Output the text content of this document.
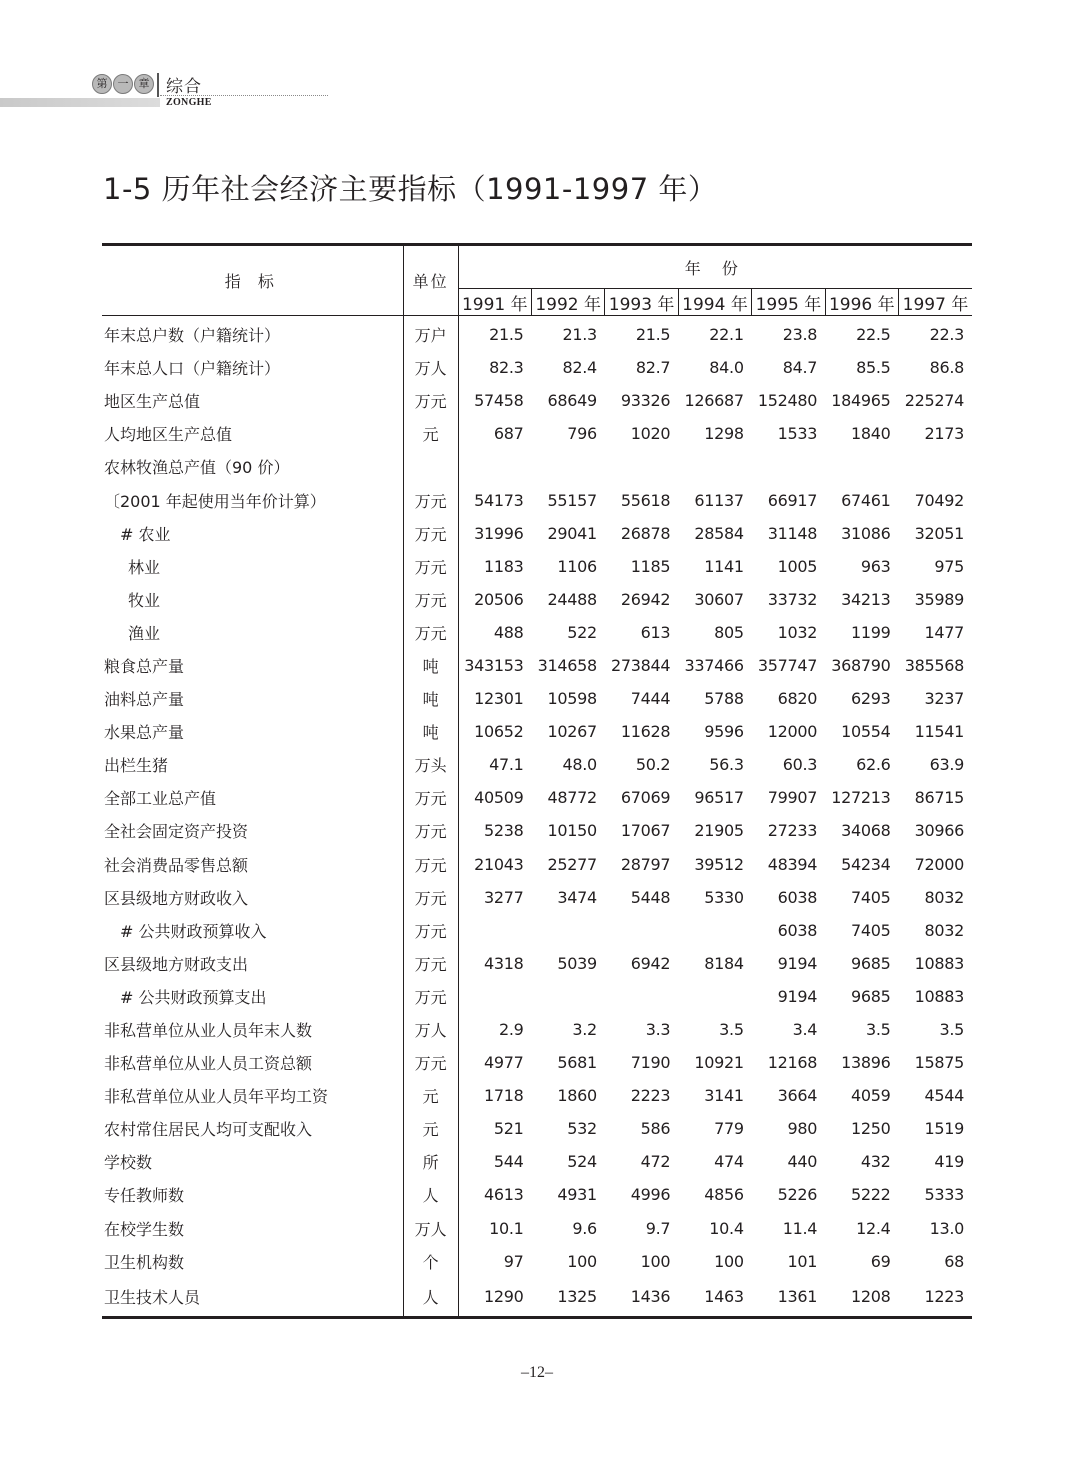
第 一 章 综合
ZONGHE
1-5 历年社会经济主要指标（1991-1997 年）
指 标	单位	年 份						
		1991 年	1992 年	1993 年	1994 年	1995 年	1996 年	1997 年
年末总户数（户籍统计）	万户	21.5	21.3	21.5	22.1	23.8	22.5	22.3
年末总人口（户籍统计）	万人	82.3	82.4	82.7	84.0	84.7	85.5	86.8
地区生产总值	万元	57458	68649	93326	126687	152480	184965	225274
人均地区生产总值	元	687	796	1020	1298	1533	1840	2173
农林牧渔总产值（90 价）								
〔2001 年起使用当年价计算）	万元	54173	55157	55618	61137	66917	67461	70492
# 农业	万元	31996	29041	26878	28584	31148	31086	32051
林业	万元	1183	1106	1185	1141	1005	963	975
牧业	万元	20506	24488	26942	30607	33732	34213	35989
渔业	万元	488	522	613	805	1032	1199	1477
粮食总产量	吨	343153	314658	273844	337466	357747	368790	385568
油料总产量	吨	12301	10598	7444	5788	6820	6293	3237
水果总产量	吨	10652	10267	11628	9596	12000	10554	11541
出栏生猪	万头	47.1	48.0	50.2	56.3	60.3	62.6	63.9
全部工业总产值	万元	40509	48772	67069	96517	79907	127213	86715
全社会固定资产投资	万元	5238	10150	17067	21905	27233	34068	30966
社会消费品零售总额	万元	21043	25277	28797	39512	48394	54234	72000
区县级地方财政收入	万元	3277	3474	5448	5330	6038	7405	8032
# 公共财政预算收入	万元					6038	7405	8032
区县级地方财政支出	万元	4318	5039	6942	8184	9194	9685	10883
# 公共财政预算支出	万元					9194	9685	10883
非私营单位从业人员年末人数	万人	2.9	3.2	3.3	3.5	3.4	3.5	3.5
非私营单位从业人员工资总额	万元	4977	5681	7190	10921	12168	13896	15875
非私营单位从业人员年平均工资	元	1718	1860	2223	3141	3664	4059	4544
农村常住居民人均可支配收入	元	521	532	586	779	980	1250	1519
学校数	所	544	524	472	474	440	432	419
专任教师数	人	4613	4931	4996	4856	5226	5222	5333
在校学生数	万人	10.1	9.6	9.7	10.4	11.4	12.4	13.0
卫生机构数	个	97	100	100	100	101	69	68
卫生技术人员	人	1290	1325	1436	1463	1361	1208	1223
–12–
